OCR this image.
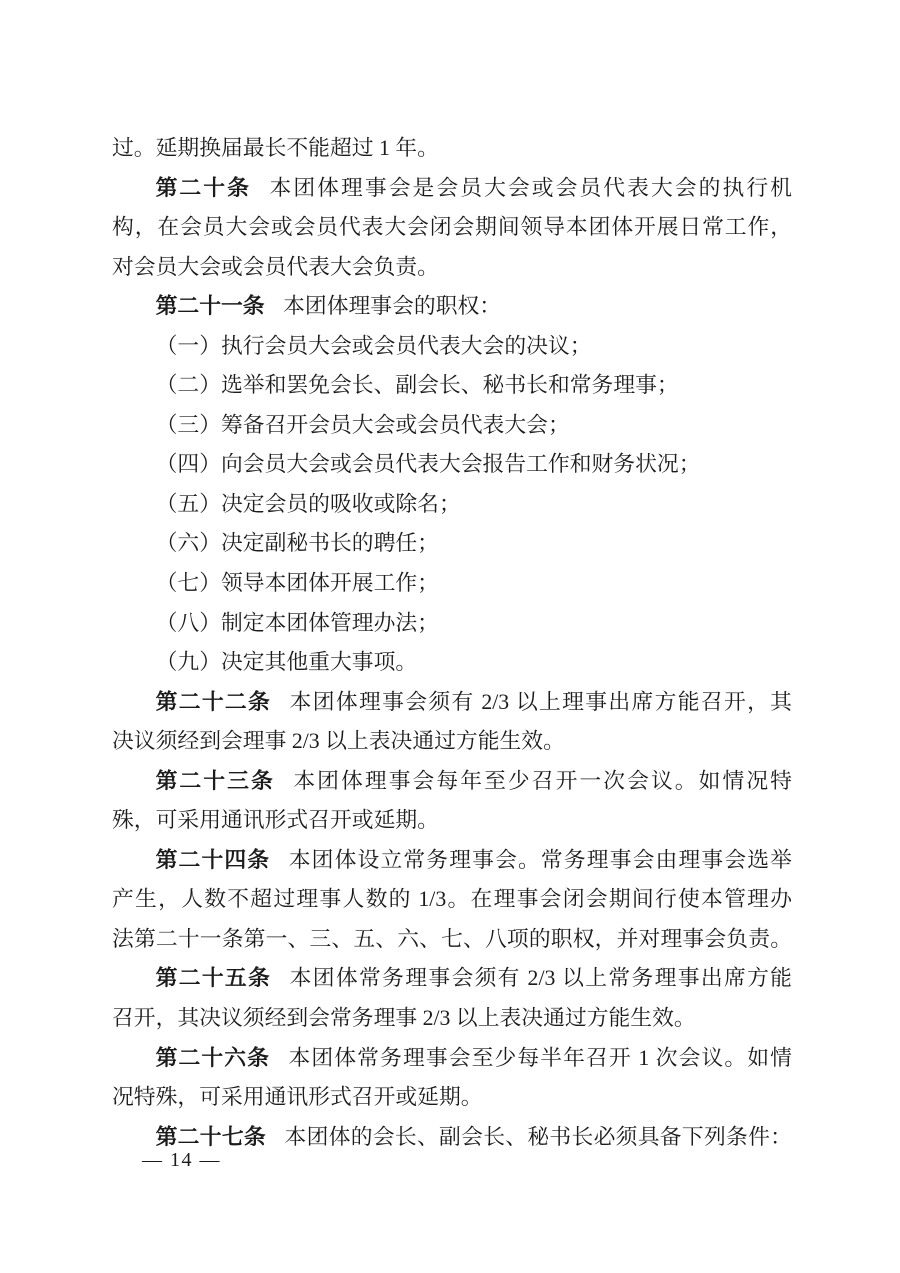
过。延期换届最长不能超过 1 年。
第二十条 本团体理事会是会员大会或会员代表大会的执行机
构，在会员大会或会员代表大会闭会期间领导本团体开展日常工作，
对会员大会或会员代表大会负责。
第二十一条 本团体理事会的职权：
（一）执行会员大会或会员代表大会的决议；
（二）选举和罢免会长、副会长、秘书长和常务理事；
（三）筹备召开会员大会或会员代表大会；
（四）向会员大会或会员代表大会报告工作和财务状况；
（五）决定会员的吸收或除名；
（六）决定副秘书长的聘任；
（七）领导本团体开展工作；
（八）制定本团体管理办法；
（九）决定其他重大事项。
第二十二条 本团体理事会须有 2/3 以上理事出席方能召开，其
决议须经到会理事 2/3 以上表决通过方能生效。
第二十三条 本团体理事会每年至少召开一次会议。如情况特
殊，可采用通讯形式召开或延期。
第二十四条 本团体设立常务理事会。常务理事会由理事会选举
产生，人数不超过理事人数的 1/3。在理事会闭会期间行使本管理办
法第二十一条第一、三、五、六、七、八项的职权，并对理事会负责。
第二十五条 本团体常务理事会须有 2/3 以上常务理事出席方能
召开，其决议须经到会常务理事 2/3 以上表决通过方能生效。
第二十六条 本团体常务理事会至少每半年召开 1 次会议。如情
况特殊，可采用通讯形式召开或延期。
第二十七条 本团体的会长、副会长、秘书长必须具备下列条件：
— 14 —
